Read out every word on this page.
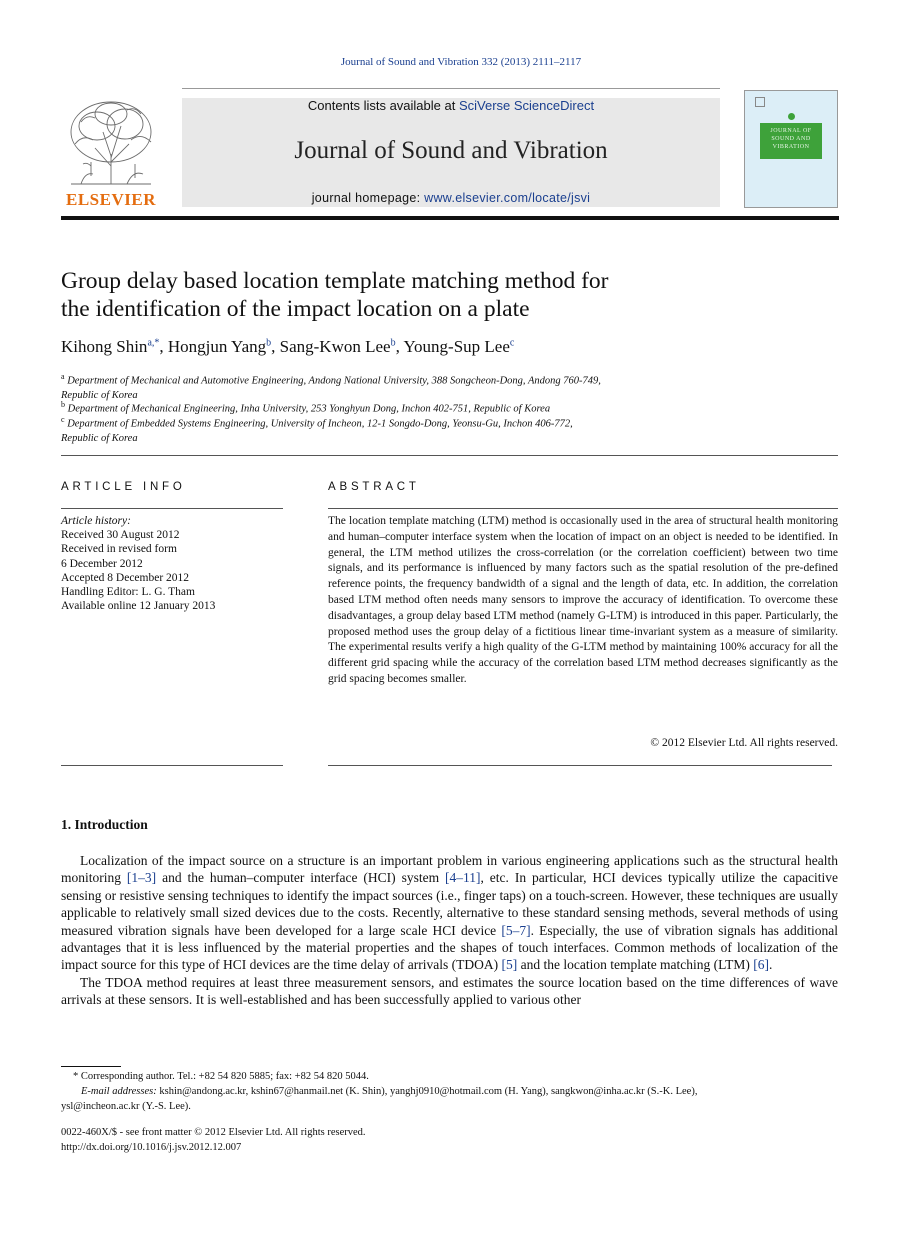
Journal of Sound and Vibration 332 (2013) 2111–2117
ELSEVIER
Contents lists available at SciVerse ScienceDirect
Journal of Sound and Vibration
journal homepage: www.elsevier.com/locate/jsvi
JOURNAL OF SOUND AND VIBRATION
Group delay based location template matching method for
the identification of the impact location on a plate
Kihong Shin$^{a,*}$, Hongjun Yang$^b$, Sang-Kwon Lee$^b$, Young-Sup Lee$^c$
$^a$ Department of Mechanical and Automotive Engineering, Andong National University, 388 Songcheon-Dong, Andong 760-749,
Republic of Korea
$^b$ Department of Mechanical Engineering, Inha University, 253 Yonghyun Dong, Inchon 402-751, Republic of Korea
$^c$ Department of Embedded Systems Engineering, University of Incheon, 12-1 Songdo-Dong, Yeonsu-Gu, Inchon 406-772,
Republic of Korea
ARTICLE INFO
Article history:
Received 30 August 2012
Received in revised form
6 December 2012
Accepted 8 December 2012
Handling Editor: L. G. Tham
Available online 12 January 2013
ABSTRACT
The location template matching (LTM) method is occasionally used in the area of structural health monitoring and human–computer interface system when the location of impact on an object is needed to be identified. In general, the LTM method utilizes the cross-correlation (or the correlation coefficient) between two time signals, and its performance is influenced by many factors such as the spatial resolution of the pre-defined reference points, the frequency bandwidth of a signal and the length of data, etc. In addition, the correlation based LTM method often needs many sensors to improve the accuracy of identification. To overcome these disadvantages, a group delay based LTM method (namely G-LTM) is introduced in this paper. Particularly, the proposed method uses the group delay of a fictitious linear time-invariant system as a measure of similarity. The experimental results verify a high quality of the G-LTM method by maintaining 100% accuracy for all the different grid spacing while the accuracy of the correlation based LTM method decreases significantly as the grid spacing becomes smaller.
© 2012 Elsevier Ltd. All rights reserved.
1. Introduction

Localization of the impact source on a structure is an important problem in various engineering applications such as the structural health monitoring [1–3] and the human–computer interface (HCI) system [4–11], etc. In particular, HCI devices typically utilize the capacitive sensing or resistive sensing techniques to identify the impact sources (i.e., finger taps) on a touch-screen. However, these techniques are usually applicable to relatively small sized devices due to the costs. Recently, alternative to these standard sensing methods, several methods of using measured vibration signals have been developed for a large scale HCI device [5–7]. Especially, the use of vibration signals has additional advantages that it is less influenced by the material properties and the shapes of touch interfaces. Common methods of localization of the impact source for this type of HCI devices are the time delay of arrivals (TDOA) [5] and the location template matching (LTM) [6].

The TDOA method requires at least three measurement sensors, and estimates the source location based on the time differences of wave arrivals at these sensors. It is well-established and has been successfully applied to various other

* Corresponding author. Tel.: +82 54 820 5885; fax: +82 54 820 5044.
E-mail addresses: kshin@andong.ac.kr, kshin67@hanmail.net (K. Shin), yanghj0910@hotmail.com (H. Yang), sangkwon@inha.ac.kr (S.-K. Lee),
ysl@incheon.ac.kr (Y.-S. Lee).
0022-460X/$ - see front matter © 2012 Elsevier Ltd. All rights reserved.
http://dx.doi.org/10.1016/j.jsv.2012.12.007
